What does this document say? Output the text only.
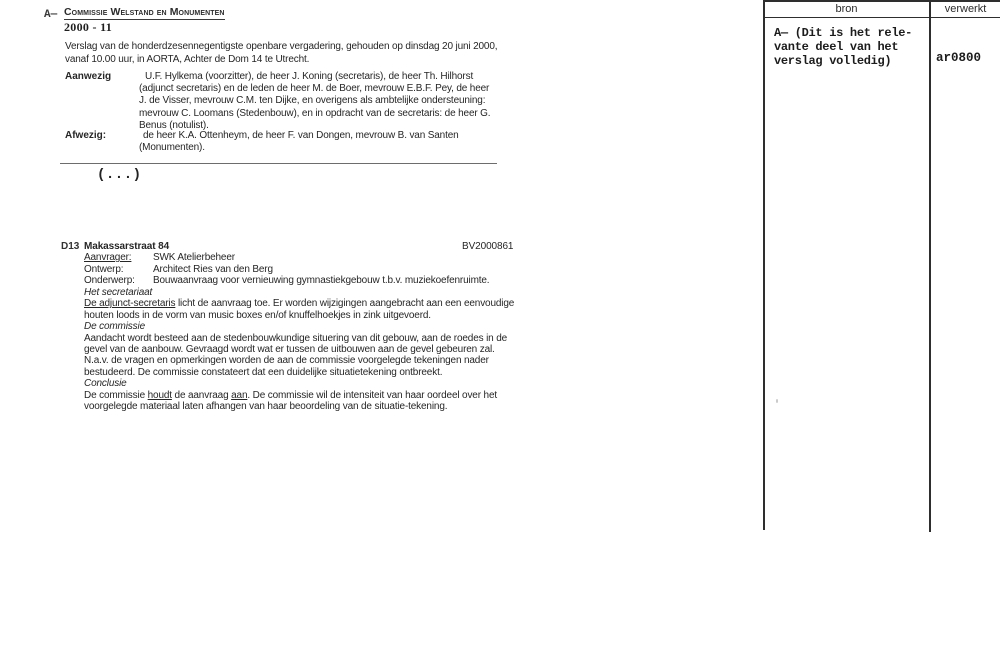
A— Commissie Welstand en Monumenten
2000 - 11
Verslag van de honderdzesennegentigste openbare vergadering, gehouden op dinsdag 20 juni 2000,
vanaf 10.00 uur, in AORTA, Achter de Dom 14 te Utrecht.
Aanwezig	U.F. Hylkema (voorzitter), de heer J. Koning (secretaris), de heer Th. Hilhorst
(adjunct secretaris) en de leden de heer M. de Boer, mevrouw E.B.F. Pey, de heer
J. de Visser, mevrouw C.M. ten Dijke, en overigens als ambtelijke ondersteuning:
mevrouw C. Loomans (Stedenbouw), en in opdracht van de secretaris: de heer G.
Benus (notulist).
Afwezig:	de heer K.A. Ottenheym, de heer F. van Dongen, mevrouw B. van Santen
(Monumenten).
(...)
D13 Makassarstraat 84	BV2000861
Aanvrager: SWK Atelierbeheer
Ontwerp:	Architect Ries van den Berg
Onderwerp: Bouwaanvraag voor vernieuwing gymnastiekgebouw t.b.v. muziekoefenruimte.
Het secretariaat
De adjunct-secretaris licht de aanvraag toe. Er worden wijzigingen aangebracht aan een eenvoudige
houten loods in de vorm van music boxes en/of knuffelhoekjes in zink uitgevoerd.
De commissie
Aandacht wordt besteed aan de stedenbouwkundige situering van dit gebouw, aan de roedes in de
gevel van de aanbouw. Gevraagd wordt wat er tussen de uitbouwen aan de gevel gebeuren zal.
N.a.v. de vragen en opmerkingen worden de aan de commissie voorgelegde tekeningen nader
bestudeerd. De commissie constateert dat een duidelijke situatietekening ontbreekt.
Conclusie
De commissie houdt de aanvraag aan. De commissie wil de intensiteit van haar oordeel over het
voorgelegde materiaal laten afhangen van haar beoordeling van de situatie-tekening.
bron	verwerkt
A— (Dit is het rele-
vante deel van het
verslag volledig)	ar0800
